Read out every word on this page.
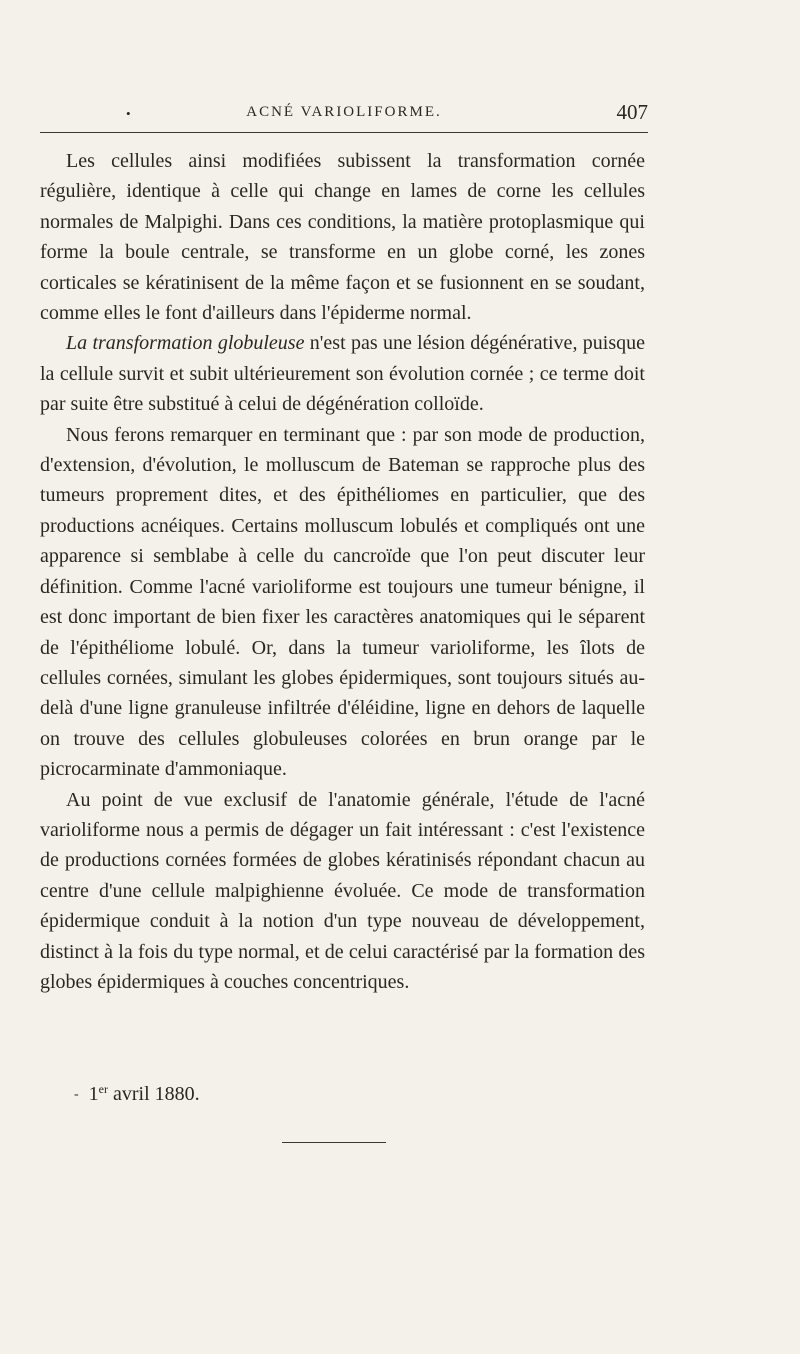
•	ACNÉ VARIOLIFORME.	407

Les cellules ainsi modifiées subissent la transformation cornée régulière, identique à celle qui change en lames de corne les cellules normales de Malpighi. Dans ces conditions, la matière protoplasmique qui forme la boule centrale, se transforme en un globe corné, les zones corticales se kératinisent de la même façon et se fusionnent en se soudant, comme elles le font d'ailleurs dans l'épiderme normal.

La transformation globuleuse n'est pas une lésion dégénérative, puisque la cellule survit et subit ultérieurement son évolution cornée ; ce terme doit par suite être substitué à celui de dégénération colloïde.

Nous ferons remarquer en terminant que : par son mode de production, d'extension, d'évolution, le molluscum de Bateman se rapproche plus des tumeurs proprement dites, et des épithéliomes en particulier, que des productions acnéiques. Certains molluscum lobulés et compliqués ont une apparence si semblabe à celle du cancroïde que l'on peut discuter leur définition. Comme l'acné varioliforme est toujours une tumeur bénigne, il est donc important de bien fixer les caractères anatomiques qui le séparent de l'épithéliome lobulé. Or, dans la tumeur varioliforme, les îlots de cellules cornées, simulant les globes épidermiques, sont toujours situés au-delà d'une ligne granuleuse infiltrée d'éléidine, ligne en dehors de laquelle on trouve des cellules globuleuses colorées en brun orange par le picrocarminate d'ammoniaque.

Au point de vue exclusif de l'anatomie générale, l'étude de l'acné varioliforme nous a permis de dégager un fait intéressant : c'est l'existence de productions cornées formées de globes kératinisés répondant chacun au centre d'une cellule malpighienne évoluée. Ce mode de transformation épidermique conduit à la notion d'un type nouveau de développement, distinct à la fois du type normal, et de celui caractérisé par la formation des globes épidermiques à couches concentriques.

- 1er avril 1880.
